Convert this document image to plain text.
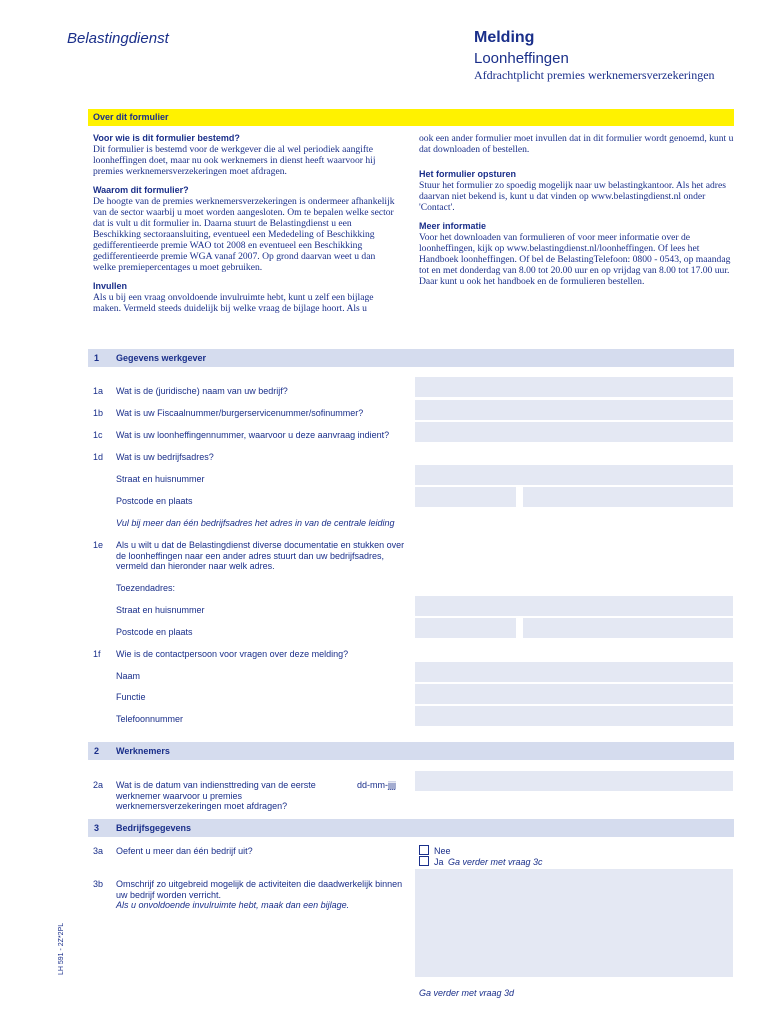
Belastingdienst	Melding
Loonheffingen
Afdrachtplicht premies werknemersverzekeringen
Over dit formulier
Voor wie is dit formulier bestemd?

Dit formulier is bestemd voor de werkgever die al wel periodiek aangifte loonheffingen doet, maar nu ook werknemers in dienst heeft waarvoor hij premies werknemersverzekeringen moet afdragen.

Waarom dit formulier?

De hoogte van de premies werknemersverzekeringen is ondermeer afhankelijk van de sector waarbij u moet worden aangesloten. Om te bepalen welke sector dat is vult u dit formulier in. Daarna stuurt de Belastingdienst u een Beschikking sectoraansluiting, eventueel een Mededeling of Beschikking gedifferentieerde premie WAO tot 2008 en eventueel een Beschikking gedifferentieerde premie WGA vanaf 2007. Op grond daarvan weet u dan welke premiepercentages u moet gebruiken.

Invullen

Als u bij een vraag onvoldoende invulruimte hebt, kunt u zelf een bijlage maken. Vermeld steeds duidelijk bij welke vraag de bijlage hoort. Als u

ook een ander formulier moet invullen dat in dit formulier wordt genoemd, kunt u dat downloaden of bestellen.

Het formulier opsturen

Stuur het formulier zo spoedig mogelijk naar uw belastingkantoor. Als het adres daarvan niet bekend is, kunt u dat vinden op www.belastingdienst.nl onder 'Contact'.

Meer informatie

Voor het downloaden van formulieren of voor meer informatie over de loonheffingen, kijk op www.belastingdienst.nl/loonheffingen. Of lees het Handboek loonheffingen. Of bel de BelastingTelefoon: 0800 - 0543, op maandag tot en met donderdag van 8.00 tot 20.00 uur en op vrijdag van 8.00 tot 17.00 uur. Daar kunt u ook het handboek en de formulieren bestellen.

1 Gegevens werkgever
1a Wat is de (juridische) naam van uw bedrijf?
1b Wat is uw Fiscaalnummer/burgerservicenummer/sofinummer?
1c Wat is uw loonheffingennummer, waarvoor u deze aanvraag indient?
1d Wat is uw bedrijfsadres?
Straat en huisnummer
Postcode en plaats
Vul bij meer dan één bedrijfsadres het adres in van de centrale leiding
1e Als u wilt u dat de Belastingdienst diverse documentatie en stukken over de loonheffingen naar een ander adres stuurt dan uw bedrijfsadres, vermeld dan hieronder naar welk adres.
Toezendadres:
Straat en huisnummer
Postcode en plaats
1f Wie is de contactpersoon voor vragen over deze melding?
Naam
Functie
Telefoonnummer
2 Werknemers
2a Wat is de datum van indiensttreding van de eerste werknemer waarvoor u premies werknemersverzekeringen moet afdragen?
dd-mm-jjjj
3 Bedrijfsgegevens
3a Oefent u meer dan één bedrijf uit?	Nee
Ja Ga verder met vraag 3c
3b Omschrijf zo uitgebreid mogelijk de activiteiten die daadwerkelijk binnen uw bedrijf worden verricht.
Als u onvoldoende invulruimte hebt, maak dan een bijlage.
Ga verder met vraag 3d
LH 591 - 2Z*2PL
